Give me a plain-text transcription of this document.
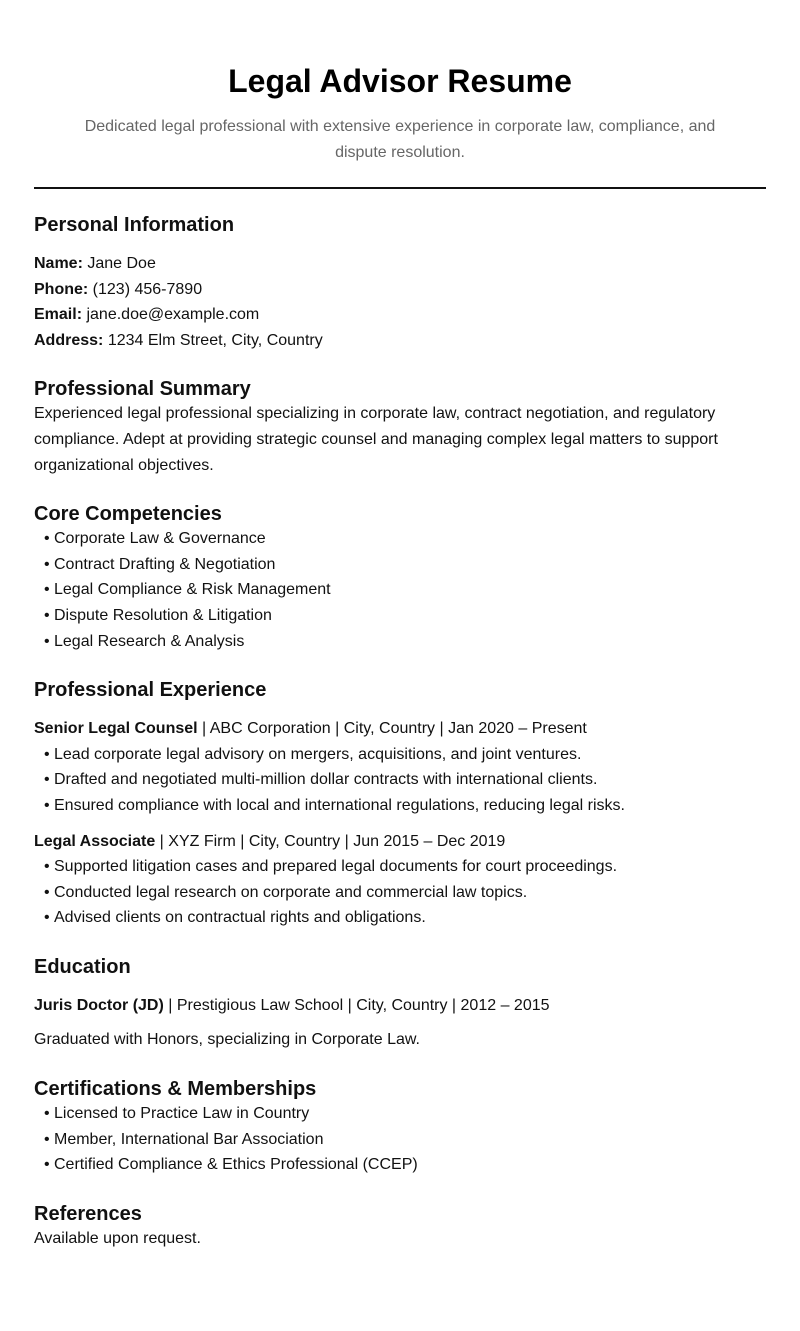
Legal Advisor Resume
Dedicated legal professional with extensive experience in corporate law, compliance, and dispute resolution.
Personal Information
Name: Jane Doe
Phone: (123) 456-7890
Email: jane.doe@example.com
Address: 1234 Elm Street, City, Country
Professional Summary

Experienced legal professional specializing in corporate law, contract negotiation, and regulatory compliance. Adept at providing strategic counsel and managing complex legal matters to support organizational objectives.

Core Competencies
• Corporate Law & Governance
• Contract Drafting & Negotiation
• Legal Compliance & Risk Management
• Dispute Resolution & Litigation
• Legal Research & Analysis
Professional Experience
Senior Legal Counsel | ABC Corporation | City, Country | Jan 2020 – Present
• Lead corporate legal advisory on mergers, acquisitions, and joint ventures.
• Drafted and negotiated multi-million dollar contracts with international clients.
• Ensured compliance with local and international regulations, reducing legal risks.
Legal Associate | XYZ Firm | City, Country | Jun 2015 – Dec 2019
• Supported litigation cases and prepared legal documents for court proceedings.
• Conducted legal research on corporate and commercial law topics.
• Advised clients on contractual rights and obligations.
Education
Juris Doctor (JD) | Prestigious Law School | City, Country | 2012 – 2015
Graduated with Honors, specializing in Corporate Law.
Certifications & Memberships
• Licensed to Practice Law in Country
• Member, International Bar Association
• Certified Compliance & Ethics Professional (CCEP)
References

Available upon request.
